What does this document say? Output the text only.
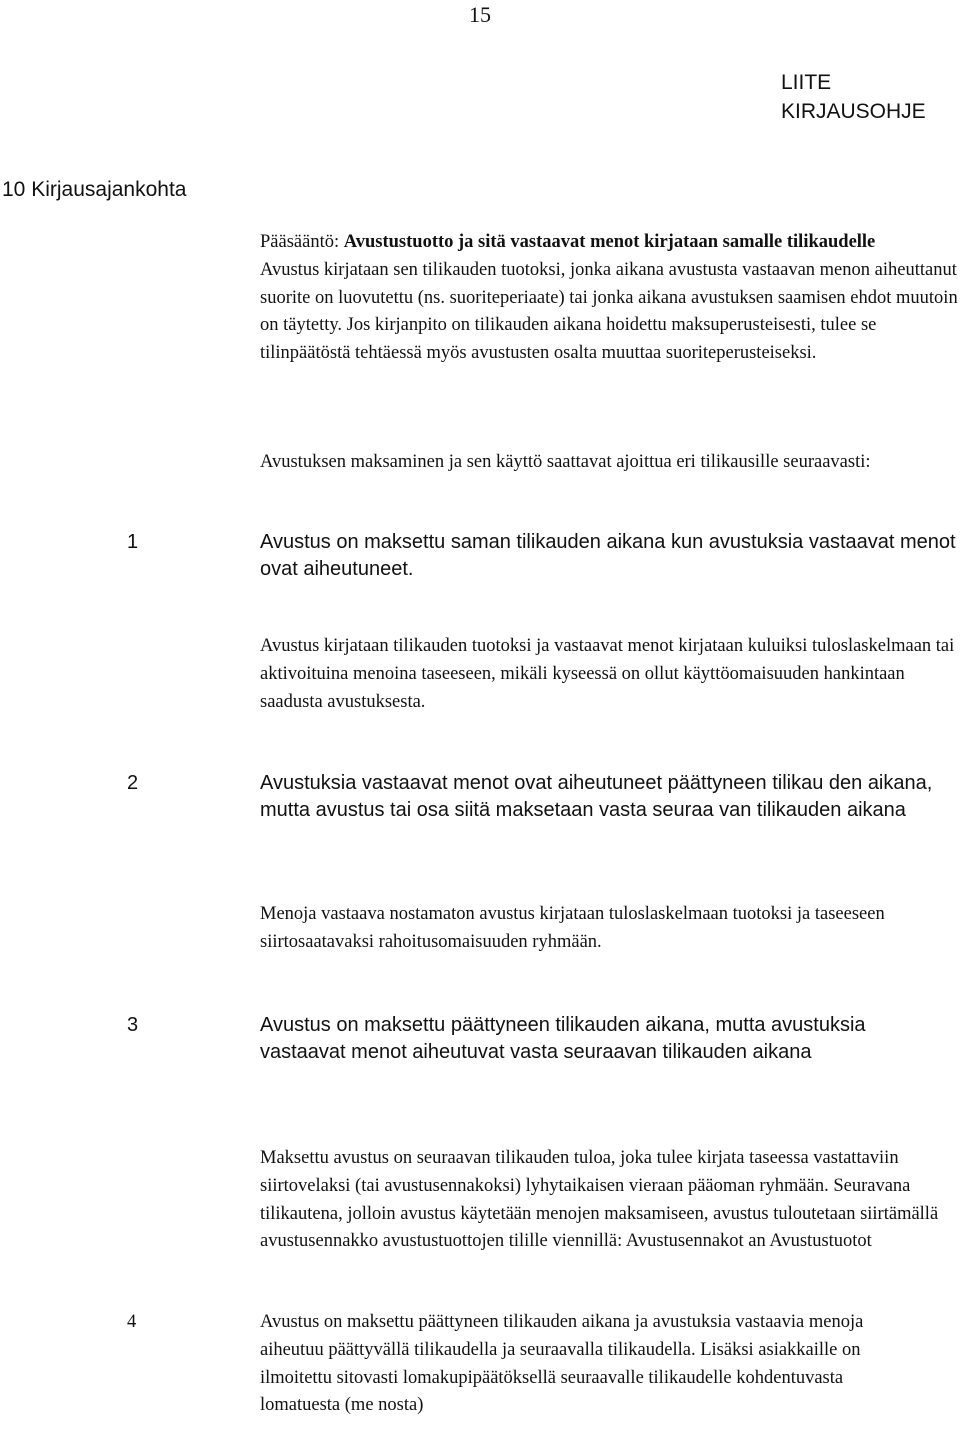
15
LIITE
KIRJAUSOHJE
10 Kirjausajankohta

Pääsääntö: Avustustuotto ja sitä vastaavat menot kirjataan samalle tilikaudelle

Avustus kirjataan sen tilikauden tuotoksi, jonka aikana avustusta vastaavan menon aiheuttanut suorite on luovutettu (ns. suoriteperiaate) tai jonka aikana avustuksen saamisen ehdot muutoin on täytetty. Jos kirjanpito on tilikauden aikana hoidettu maksuperusteisesti, tulee se tilinpäätöstä tehtäessä myös avustusten osalta muuttaa suoriteperusteiseksi.

Avustuksen maksaminen ja sen käyttö saattavat ajoittua eri tilikausille seuraavasti:
1	Avustus on maksettu saman tilikauden aikana kun avustuksia vastaavat menot ovat aiheutuneet.
Avustus kirjataan tilikauden tuotoksi ja vastaavat menot kirjataan kuluiksi tuloslaskelmaan tai aktivoituina menoina taseeseen, mikäli kyseessä on ollut käyttöomaisuuden hankintaan saadusta avustuksesta.
2	Avustuksia vastaavat menot ovat aiheutuneet päättyneen tilikau den aikana, mutta avustus tai osa siitä maksetaan vasta seuraa van tilikauden aikana
Menoja vastaava nostamaton avustus kirjataan tuloslaskelmaan tuotoksi ja taseeseen siirtosaatavaksi rahoitusomaisuuden ryhmään.
3	Avustus on maksettu päättyneen tilikauden aikana, mutta avustuksia vastaavat menot aiheutuvat vasta seuraavan tilikauden aikana
Maksettu avustus on seuraavan tilikauden tuloa, joka tulee kirjata taseessa vastattaviin siirtovelaksi (tai avustusennakoksi) lyhytaikaisen vieraan pääoman ryhmään. Seuravana tilikautena, jolloin avustus käytetään menojen maksamiseen, avustus tuloutetaan siirtämällä avustusennakko avustustuottojen tilille viennillä: Avustusennakot an Avustustuotot
4	Avustus on maksettu päättyneen tilikauden aikana ja avustuksia vastaavia menoja aiheutuu päättyvällä tilikaudella ja seuraavalla tilikaudella. Lisäksi asiakkaille on ilmoitettu sitovasti lomakupipäätöksellä seuraavalle tilikaudelle kohdentuvasta lomatuesta (me nosta)
